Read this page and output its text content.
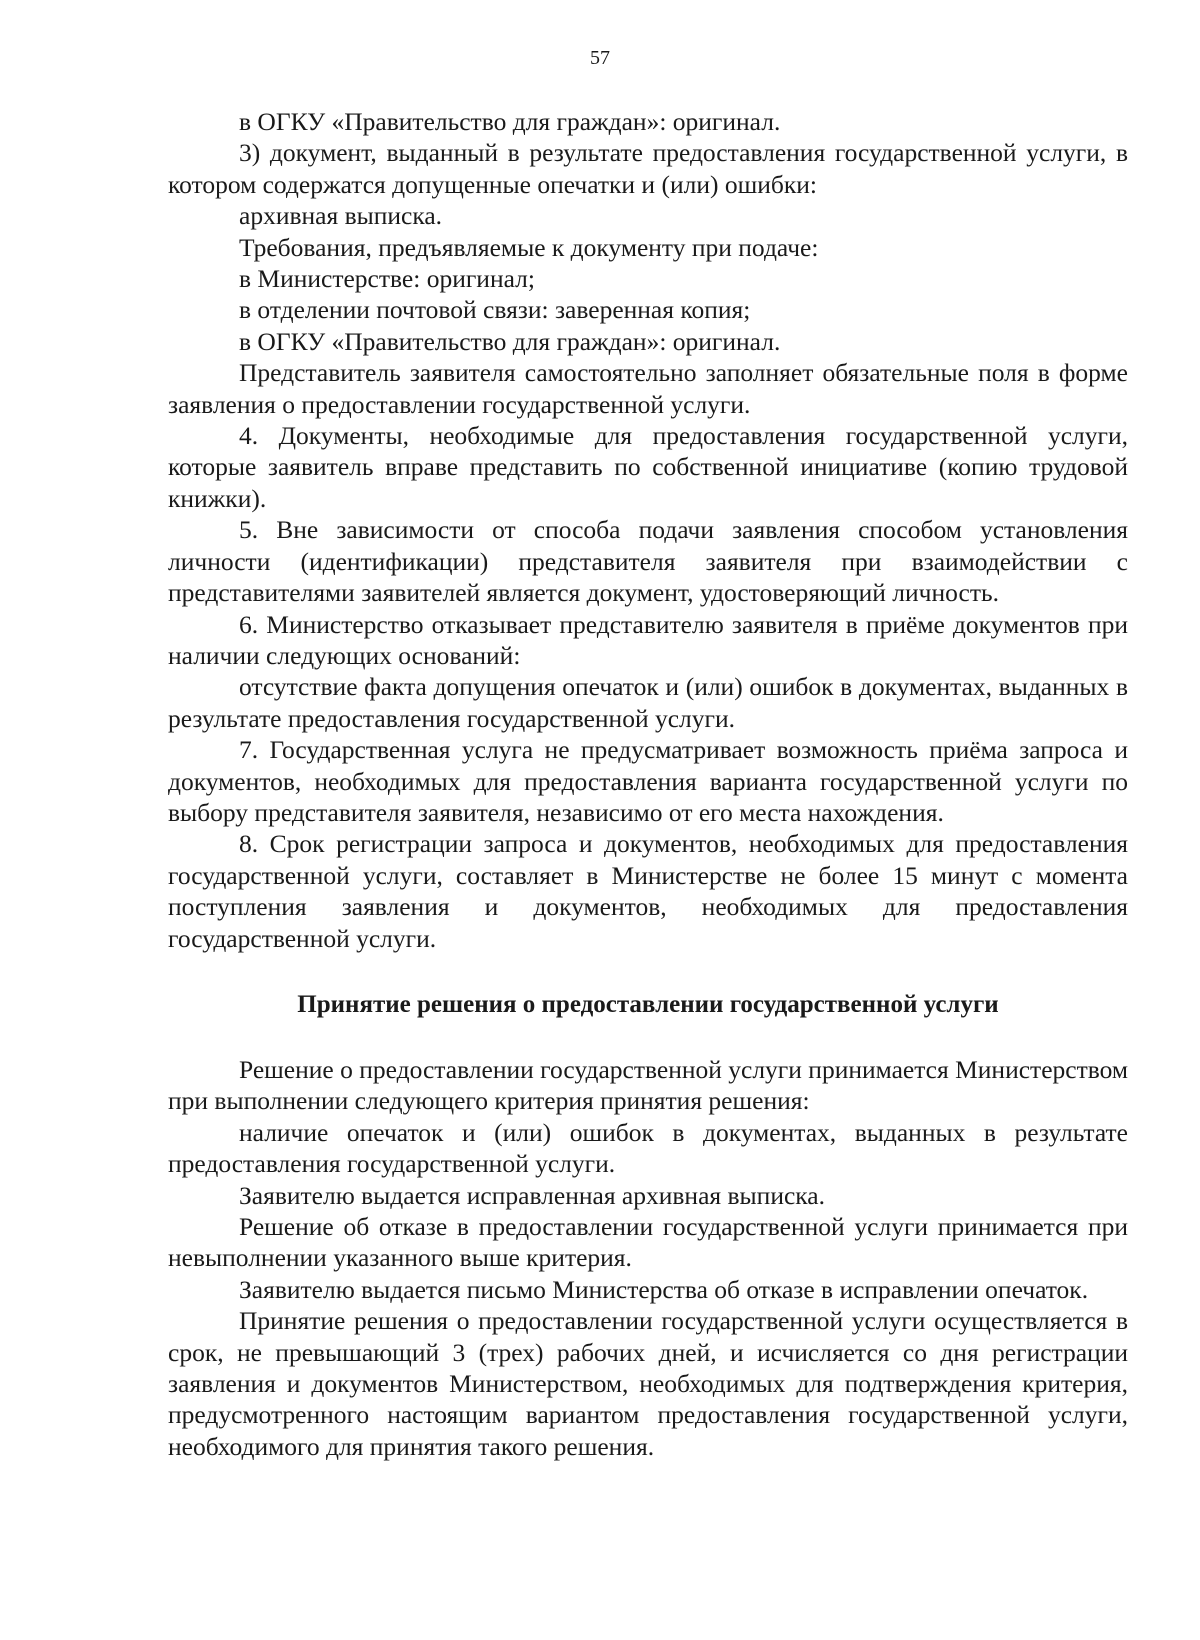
57

в ОГКУ «Правительство для граждан»: оригинал.

3) документ, выданный в результате предоставления государственной услуги, в котором содержатся допущенные опечатки и (или) ошибки:

архивная выписка.

Требования, предъявляемые к документу при подаче:

в Министерстве: оригинал;

в отделении почтовой связи: заверенная копия;

в ОГКУ «Правительство для граждан»: оригинал.

Представитель заявителя самостоятельно заполняет обязательные поля в форме заявления о предоставлении государственной услуги.

4. Документы, необходимые для предоставления государственной услуги, которые заявитель вправе представить по собственной инициативе (копию трудовой книжки).

5. Вне зависимости от способа подачи заявления способом установления личности (идентификации) представителя заявителя при взаимодействии с представителями заявителей является документ, удостоверяющий личность.

6. Министерство отказывает представителю заявителя в приёме документов при наличии следующих оснований:

отсутствие факта допущения опечаток и (или) ошибок в документах, выданных в результате предоставления государственной услуги.

7. Государственная услуга не предусматривает возможность приёма запроса и документов, необходимых для предоставления варианта государственной услуги по выбору представителя заявителя, независимо от его места нахождения.

8. Срок регистрации запроса и документов, необходимых для предоставления государственной услуги, составляет в Министерстве не более 15 минут с момента поступления заявления и документов, необходимых для предоставления государственной услуги.

Принятие решения о предоставлении государственной услуги

Решение о предоставлении государственной услуги принимается Министерством при выполнении следующего критерия принятия решения:

наличие опечаток и (или) ошибок в документах, выданных в результате предоставления государственной услуги.

Заявителю выдается исправленная архивная выписка.

Решение об отказе в предоставлении государственной услуги принимается при невыполнении указанного выше критерия.

Заявителю выдается письмо Министерства об отказе в исправлении опечаток.

Принятие решения о предоставлении государственной услуги осуществляется в срок, не превышающий 3 (трех) рабочих дней, и исчисляется со дня регистрации заявления и документов Министерством, необходимых для подтверждения критерия, предусмотренного настоящим вариантом предоставления государственной услуги, необходимого для принятия такого решения.
